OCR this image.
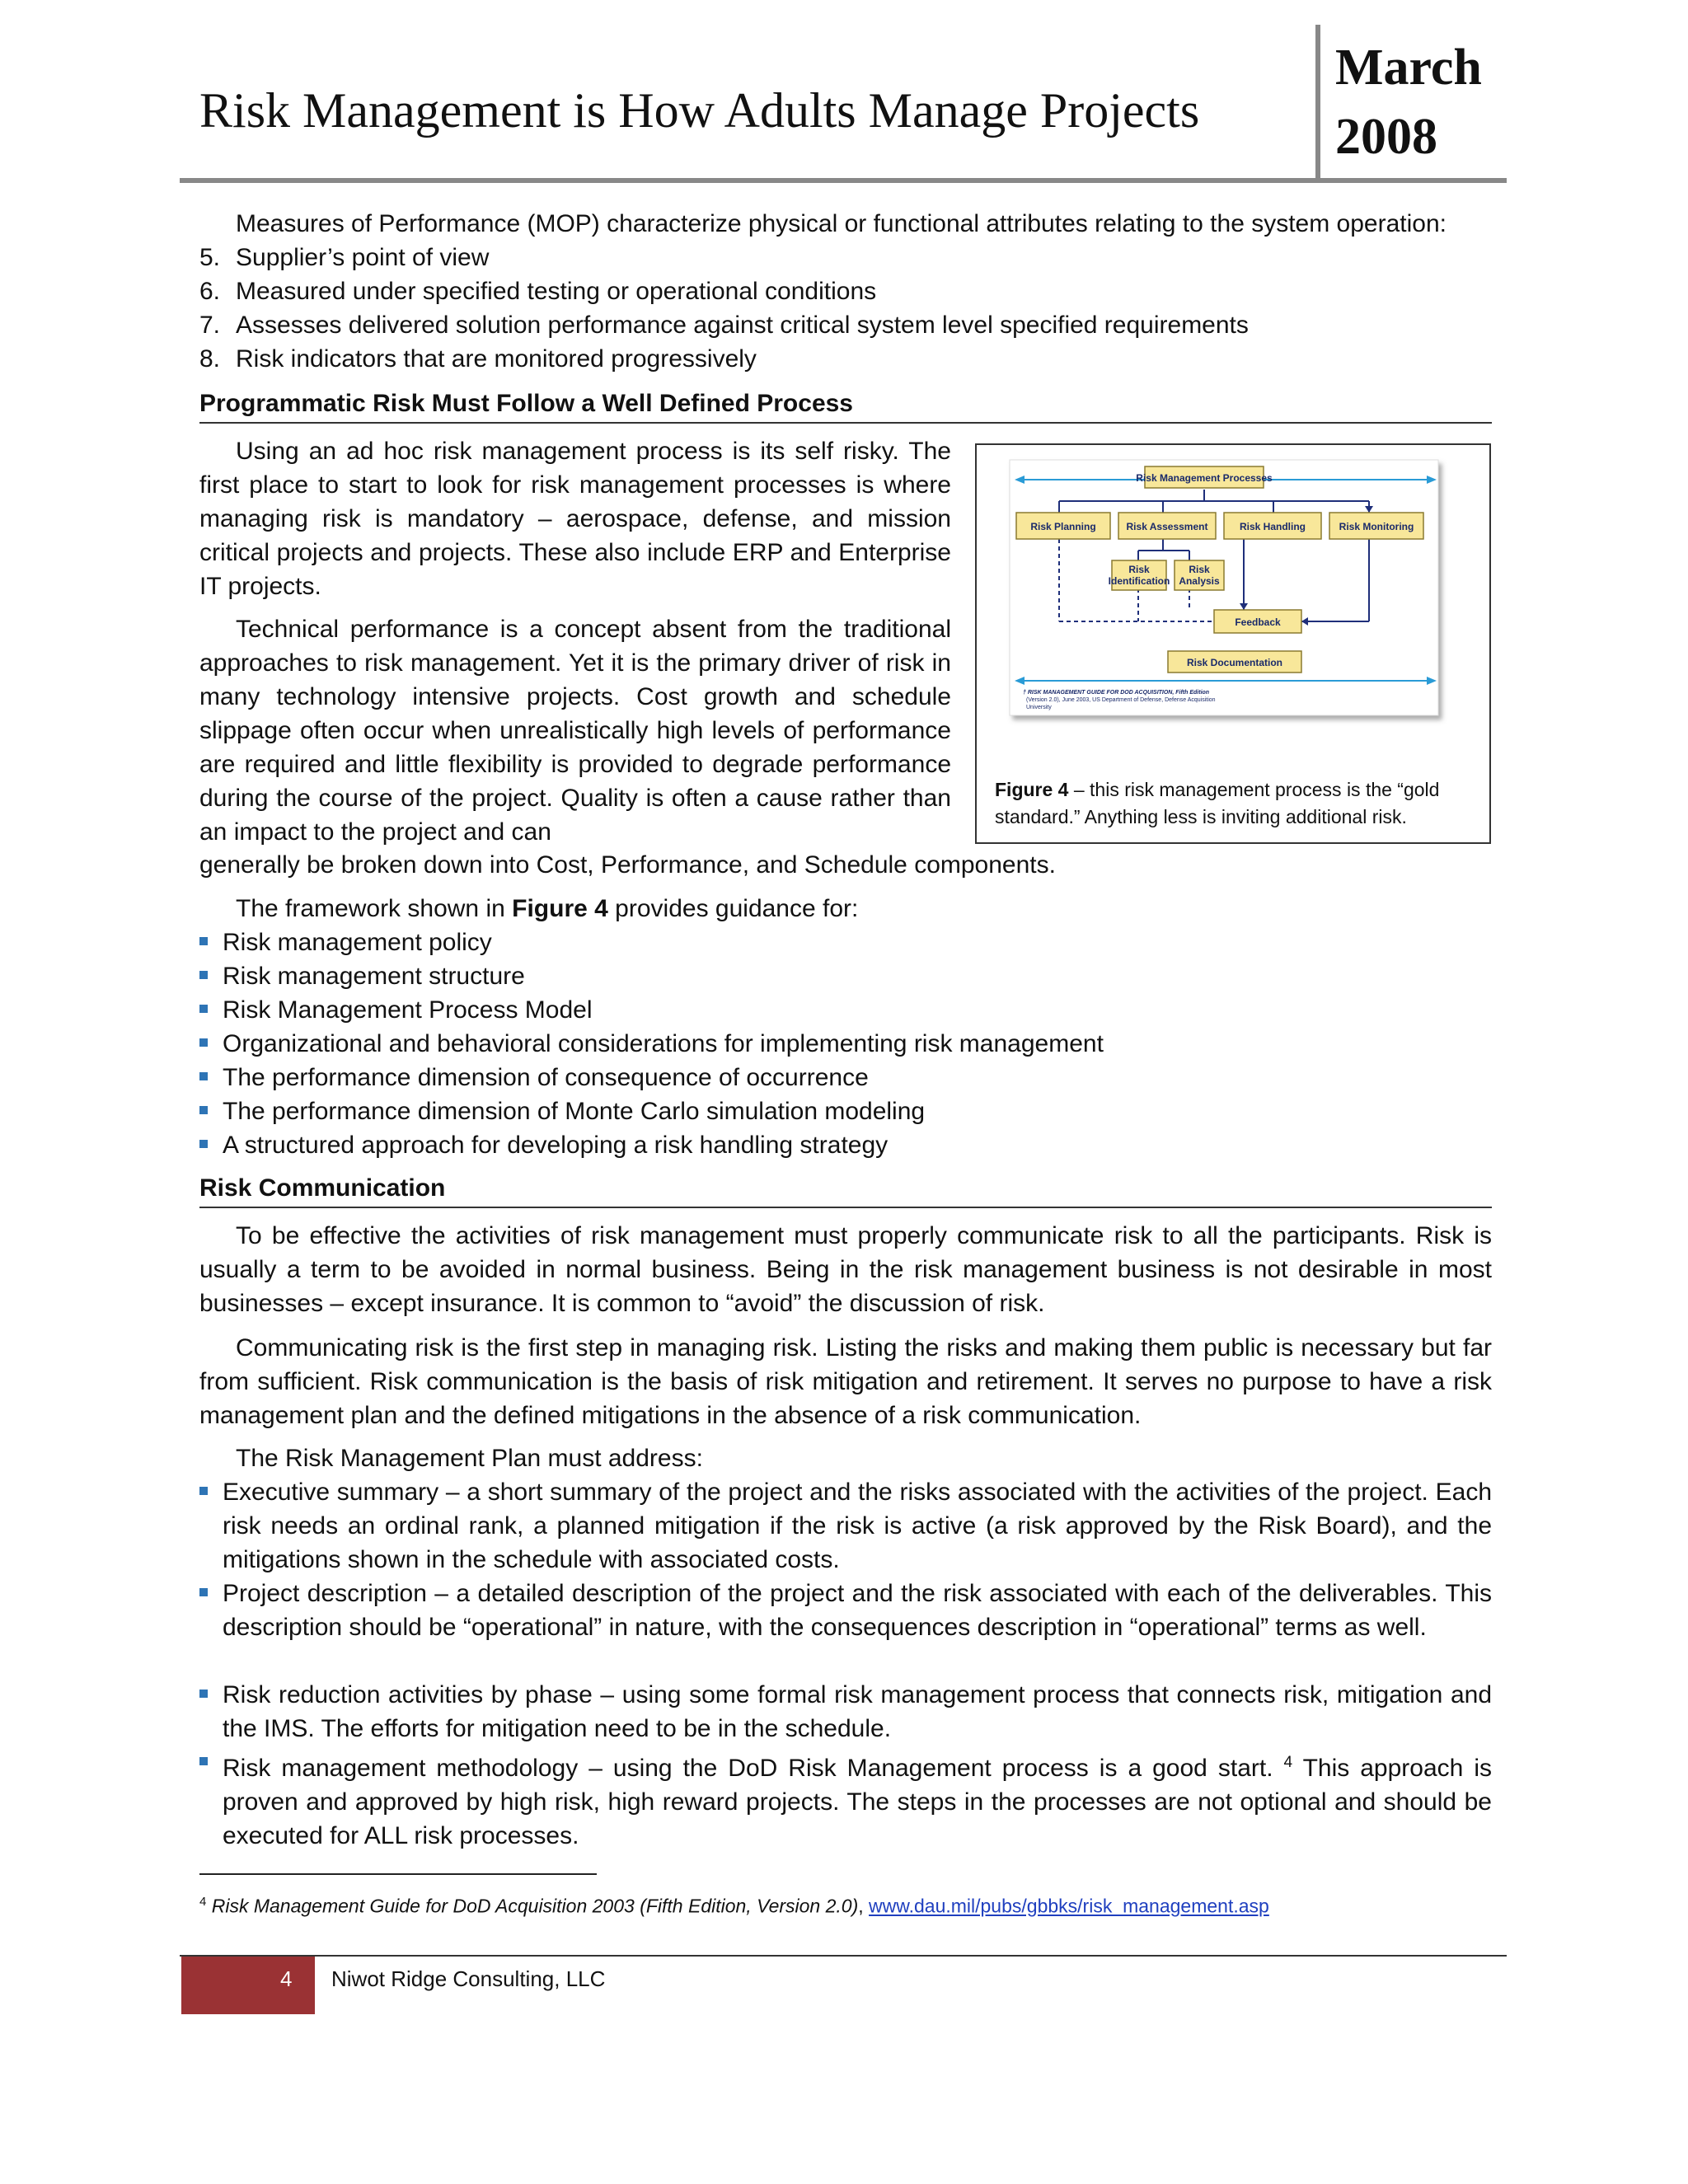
Risk Management is How Adults Manage Projects
March
2008
Measures of Performance (MOP) characterize physical or functional attributes relating to the system operation:
5. Supplier’s point of view
6. Measured under specified testing or operational conditions
7. Assesses delivered solution performance against critical system level specified requirements
8. Risk indicators that are monitored progressively
Programmatic Risk Must Follow a Well Defined Process
Using an ad hoc risk management process is its self risky. The first place to start to look for risk management processes is where managing risk is mandatory – aerospace, defense, and mission critical projects and projects. These also include ERP and Enterprise IT projects.
Technical performance is a concept absent from the traditional approaches to risk management. Yet it is the primary driver of risk in many technology intensive projects. Cost growth and schedule slippage often occur when unrealistically high levels of performance are required and little flexibility is provided to degrade performance during the course of the project. Quality is often a cause rather than an impact to the project and can
generally be broken down into Cost, Performance, and Schedule components.
Risk Management Processes
Risk Planning	Risk Assessment	Risk Handling	Risk Monitoring
Risk
Identification
Risk
Analysis
Feedback
Risk Documentation
† RISK MANAGEMENT GUIDE FOR DOD ACQUISITION, Fifth Edition
(Version 2.0), June 2003, US Department of Defense, Defense Acquisition
University
Figure 4 – this risk management process is the “gold standard.” Anything less is inviting additional risk.
The framework shown in Figure 4 provides guidance for:
Risk management policy
Risk management structure
Risk Management Process Model
Organizational and behavioral considerations for implementing risk management
The performance dimension of consequence of occurrence
The performance dimension of Monte Carlo simulation modeling
A structured approach for developing a risk handling strategy
Risk Communication
To be effective the activities of risk management must properly communicate risk to all the participants. Risk is usually a term to be avoided in normal business. Being in the risk management business is not desirable in most businesses – except insurance. It is common to “avoid” the discussion of risk.
Communicating risk is the first step in managing risk. Listing the risks and making them public is necessary but far from sufficient. Risk communication is the basis of risk mitigation and retirement. It serves no purpose to have a risk management plan and the defined mitigations in the absence of a risk communication.
The Risk Management Plan must address:
Executive summary – a short summary of the project and the risks associated with the activities of the project. Each risk needs an ordinal rank, a planned mitigation if the risk is active (a risk approved by the Risk Board), and the mitigations shown in the schedule with associated costs.
Project description – a detailed description of the project and the risk associated with each of the deliverables. This description should be “operational” in nature, with the consequences description in “operational” terms as well.
Risk reduction activities by phase – using some formal risk management process that connects risk, mitigation and the IMS. The efforts for mitigation need to be in the schedule.
Risk management methodology – using the DoD Risk Management process is a good start. $^4$ This approach is proven and approved by high risk, high reward projects. The steps in the processes are not optional and should be executed for ALL risk processes.
$^4$ Risk Management Guide for DoD Acquisition 2003 (Fifth Edition, Version 2.0), www.dau.mil/pubs/gbbks/risk_management.asp
4 Niwot Ridge Consulting, LLC
